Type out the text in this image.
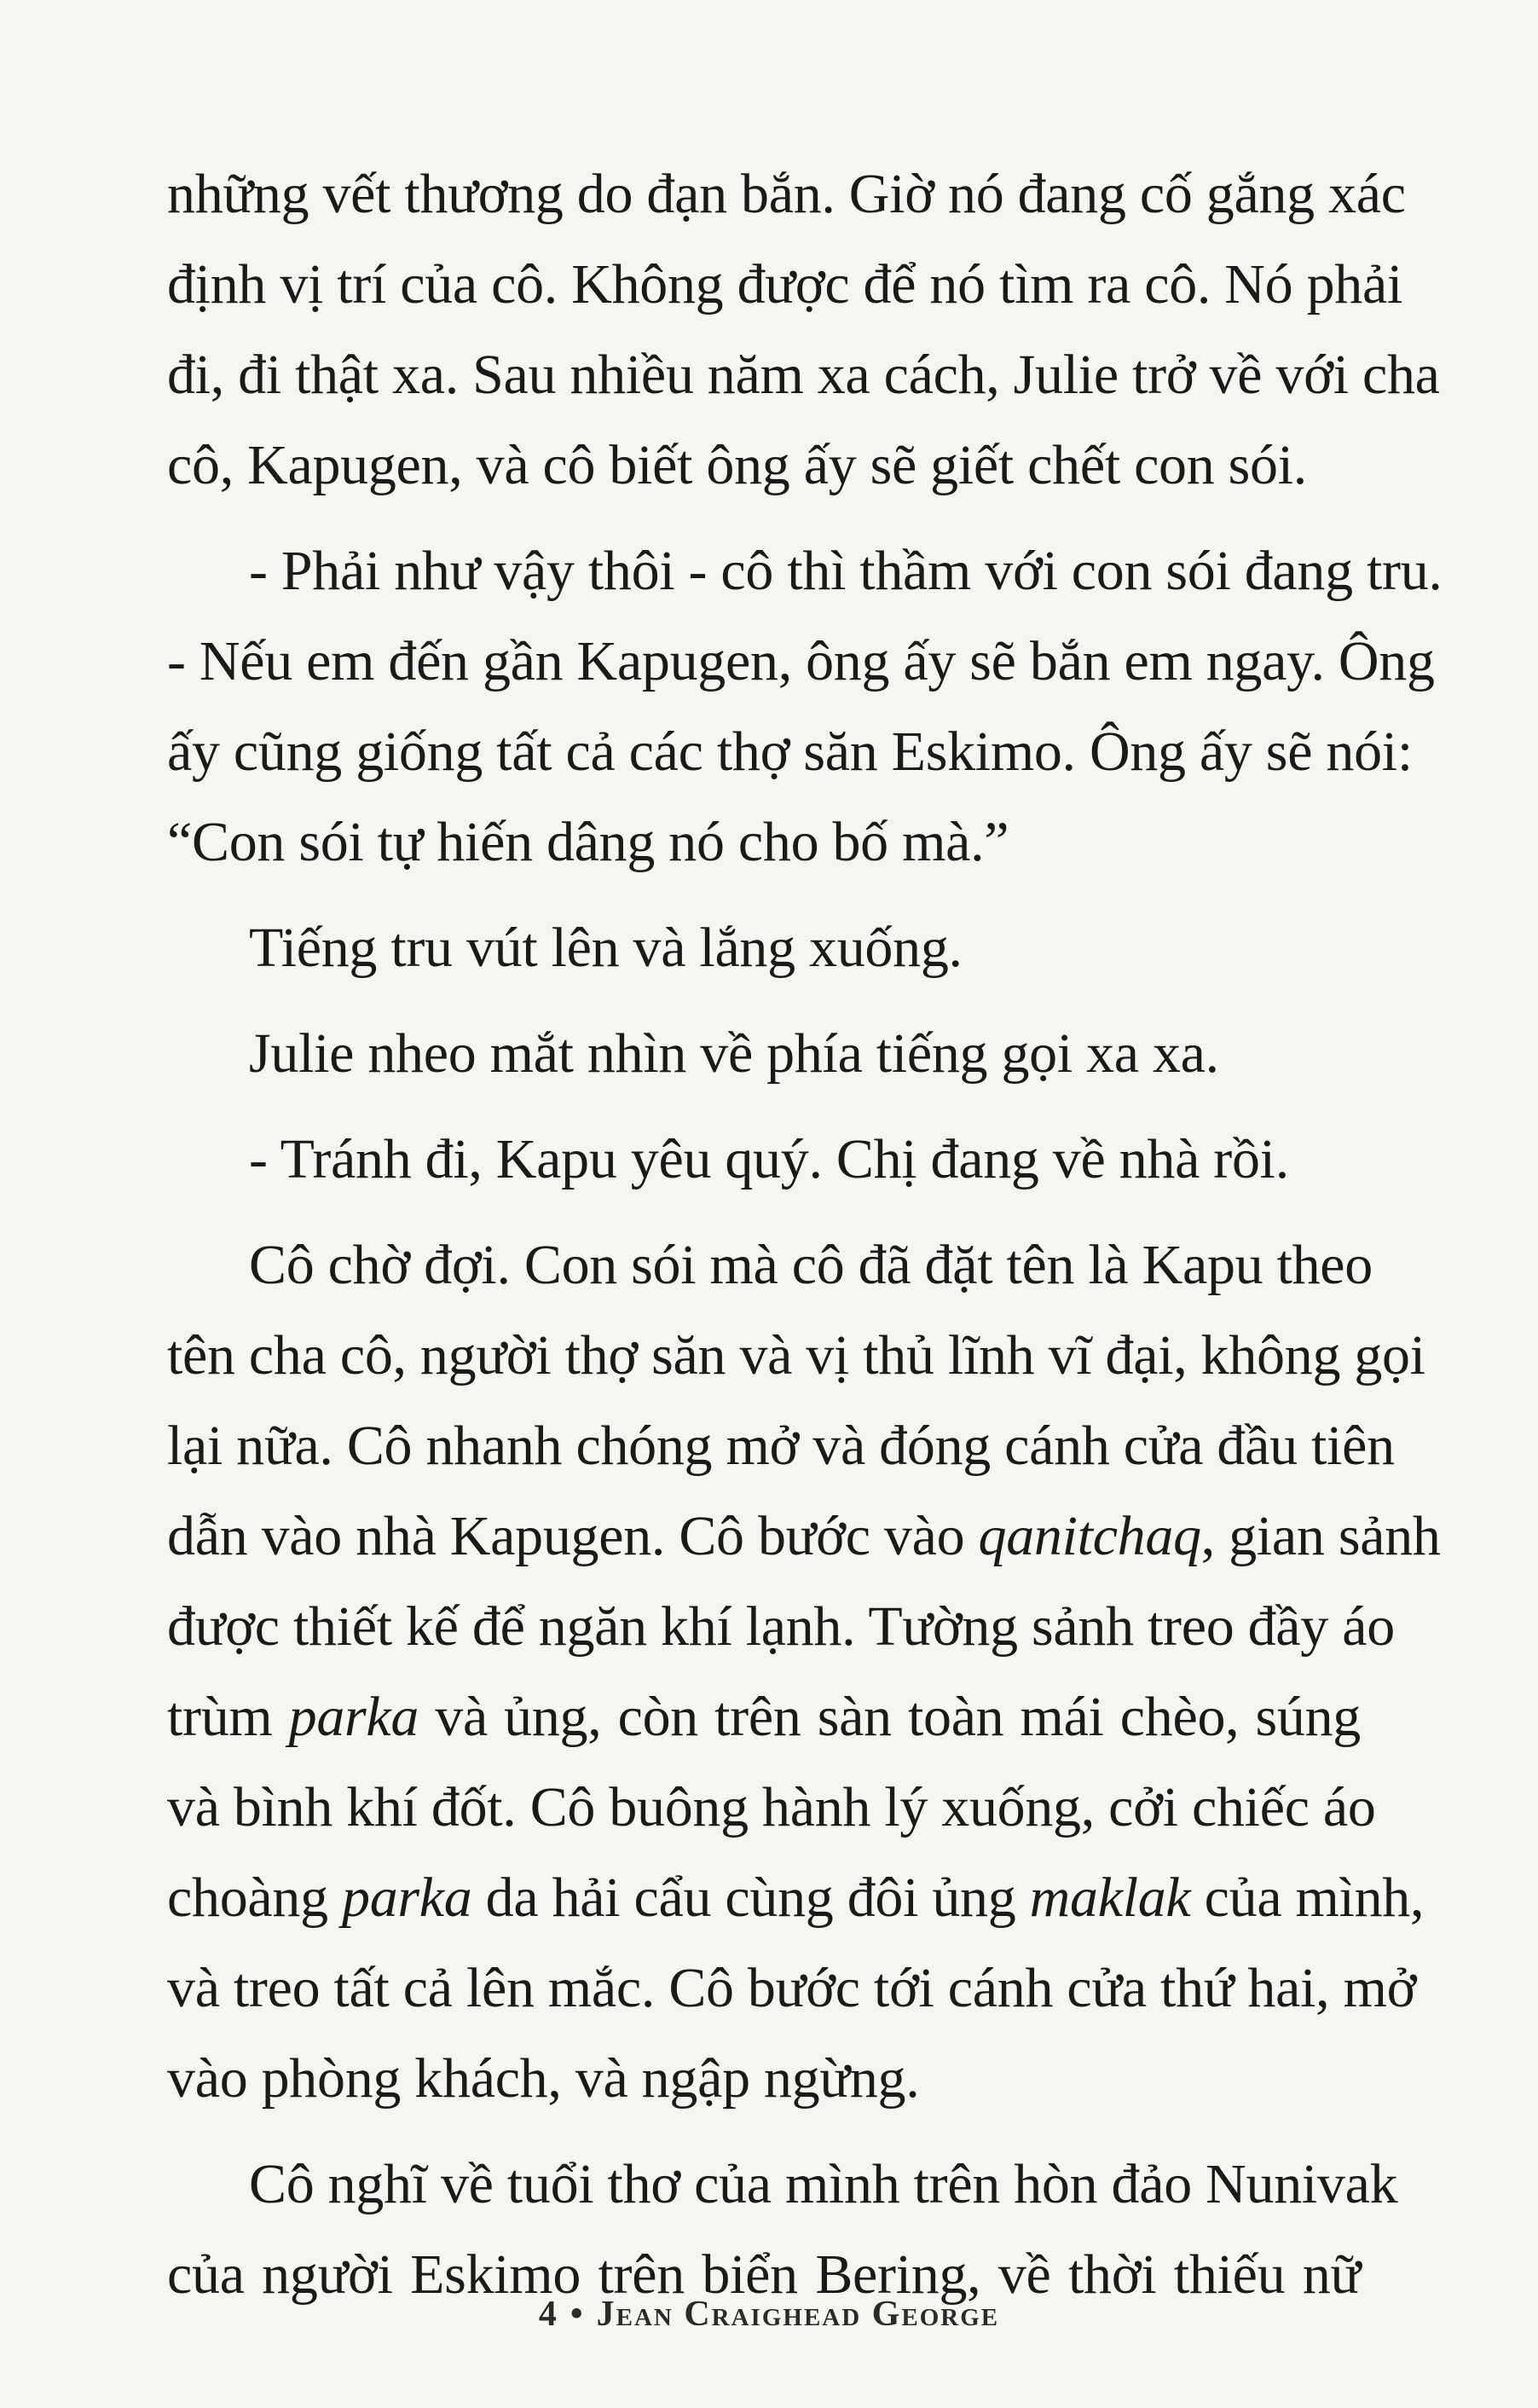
những vết thương do đạn bắn. Giờ nó đang cố gắng xác
định vị trí của cô. Không được để nó tìm ra cô. Nó phải
đi, đi thật xa. Sau nhiều năm xa cách, Julie trở về với cha
cô, Kapugen, và cô biết ông ấy sẽ giết chết con sói.
- Phải như vậy thôi - cô thì thầm với con sói đang tru.
- Nếu em đến gần Kapugen, ông ấy sẽ bắn em ngay. Ông
ấy cũng giống tất cả các thợ săn Eskimo. Ông ấy sẽ nói:
“Con sói tự hiến dâng nó cho bố mà.”
Tiếng tru vút lên và lắng xuống.
Julie nheo mắt nhìn về phía tiếng gọi xa xa.
- Tránh đi, Kapu yêu quý. Chị đang về nhà rồi.
Cô chờ đợi. Con sói mà cô đã đặt tên là Kapu theo
tên cha cô, người thợ săn và vị thủ lĩnh vĩ đại, không gọi
lại nữa. Cô nhanh chóng mở và đóng cánh cửa đầu tiên
dẫn vào nhà Kapugen. Cô bước vào qanitchaq, gian sảnh
được thiết kế để ngăn khí lạnh. Tường sảnh treo đầy áo
trùm parka và ủng, còn trên sàn toàn mái chèo, súng
và bình khí đốt. Cô buông hành lý xuống, cởi chiếc áo
choàng parka da hải cẩu cùng đôi ủng maklak của mình,
và treo tất cả lên mắc. Cô bước tới cánh cửa thứ hai, mở
vào phòng khách, và ngập ngừng.
Cô nghĩ về tuổi thơ của mình trên hòn đảo Nunivak
của người Eskimo trên biển Bering, về thời thiếu nữ
4 • Jean Craighead George
